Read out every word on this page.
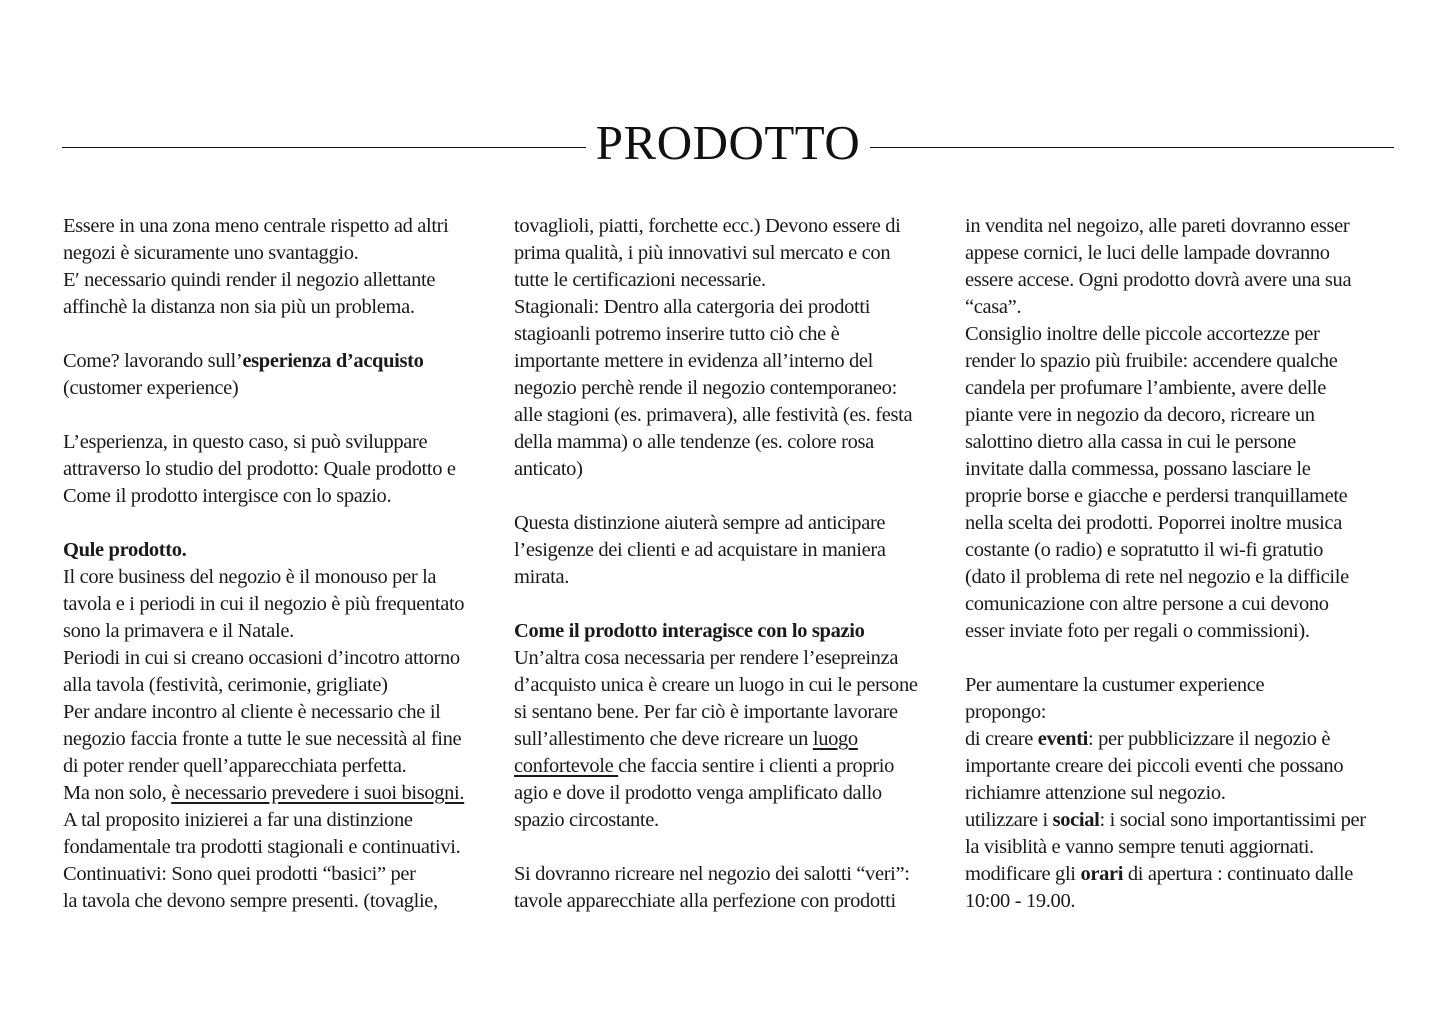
PRODOTTO
Essere in una zona meno centrale rispetto ad altri
negozi è sicuramente uno svantaggio.
E′ necessario quindi render il negozio allettante
affinchè la distanza non sia più un problema.
Come? lavorando sull’esperienza d’acquisto
(customer experience)
L’esperienza, in questo caso, si può sviluppare
attraverso lo studio del prodotto: Quale prodotto e
Come il prodotto intergisce con lo spazio.
Qule prodotto.
Il core business del negozio è il monouso per la
tavola e i periodi in cui il negozio è più frequentato
sono la primavera e il Natale.
Periodi in cui si creano occasioni d’incotro attorno
alla tavola (festività, cerimonie, grigliate)
Per andare incontro al cliente è necessario che il
negozio faccia fronte a tutte le sue necessità al fine
di poter render quell’apparecchiata perfetta.
Ma non solo, è necessario prevedere i suoi bisogni.
A tal proposito inizierei a far una distinzione
fondamentale tra prodotti stagionali e continuativi.
Continuativi: Sono quei prodotti “basici” per
la tavola che devono sempre presenti. (tovaglie,
tovaglioli, piatti, forchette ecc.) Devono essere di
prima qualità, i più innovativi sul mercato e con
tutte le certificazioni necessarie.
Stagionali: Dentro alla catergoria dei prodotti
stagioanli potremo inserire tutto ciò che è
importante mettere in evidenza all’interno del
negozio perchè rende il negozio contemporaneo:
alle stagioni (es. primavera), alle festività (es. festa
della mamma) o alle tendenze (es. colore rosa
anticato)
Questa distinzione aiuterà sempre ad anticipare
l’esigenze dei clienti e ad acquistare in maniera
mirata.
Come il prodotto interagisce con lo spazio
Un’altra cosa necessaria per rendere l’esepreinza
d’acquisto unica è creare un luogo in cui le persone
si sentano bene. Per far ciò è importante lavorare
sull’allestimento che deve ricreare un luogo
confortevole che faccia sentire i clienti a proprio
agio e dove il prodotto venga amplificato dallo
spazio circostante.
Si dovranno ricreare nel negozio dei salotti “veri”:
tavole apparecchiate alla perfezione con prodotti
in vendita nel negoizo, alle pareti dovranno esser
appese cornici, le luci delle lampade dovranno
essere accese. Ogni prodotto dovrà avere una sua
“casa”.
Consiglio inoltre delle piccole accortezze per
render lo spazio più fruibile: accendere qualche
candela per profumare l’ambiente, avere delle
piante vere in negozio da decoro, ricreare un
salottino dietro alla cassa in cui le persone
invitate dalla commessa, possano lasciare le
proprie borse e giacche e perdersi tranquillamete
nella scelta dei prodotti. Poporrei inoltre musica
costante (o radio) e sopratutto il wi-fi gratutio
(dato il problema di rete nel negozio e la difficile
comunicazione con altre persone a cui devono
esser inviate foto per regali o commissioni).
Per aumentare la custumer experience
propongo:
di creare eventi: per pubblicizzare il negozio è
importante creare dei piccoli eventi che possano
richiamre attenzione sul negozio.
utilizzare i social: i social sono importantissimi per
la visiblità e vanno sempre tenuti aggiornati.
modificare gli orari di apertura : continuato dalle
10:00 - 19.00.
